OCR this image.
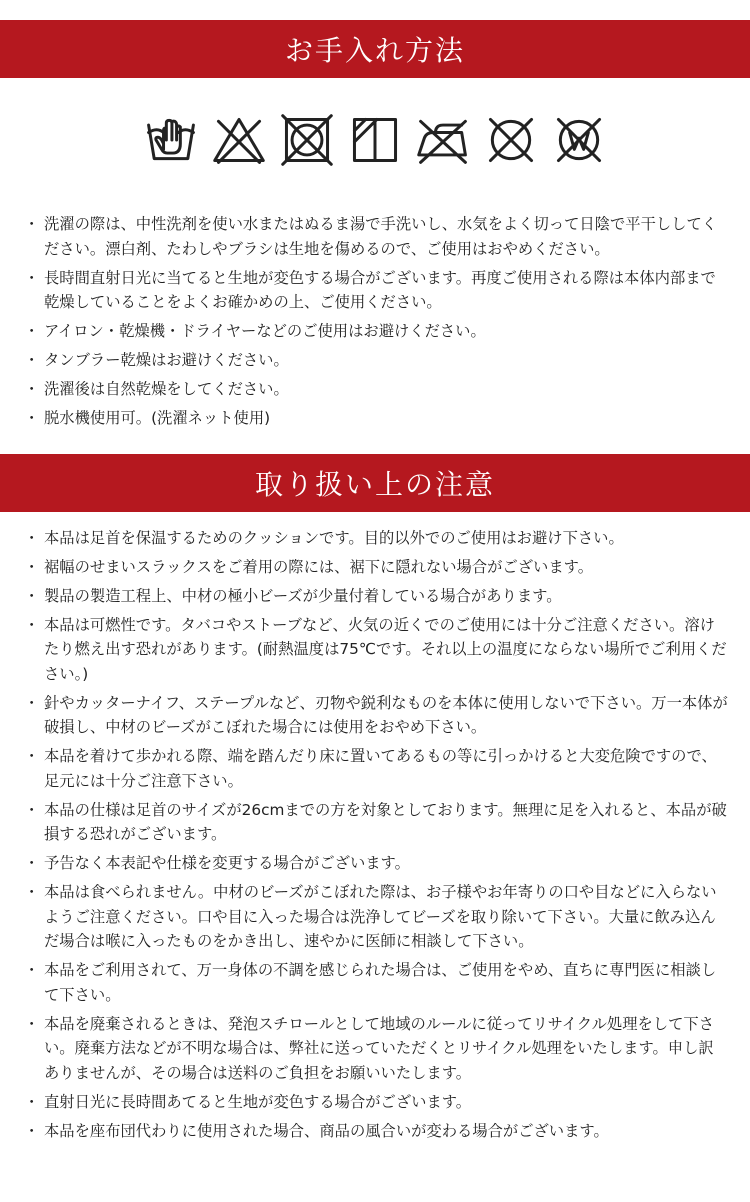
お手入れ方法
・ 洗濯の際は、中性洗剤を使い水またはぬるま湯で手洗いし、水気をよく切って日陰で平干ししてください。漂白剤、たわしやブラシは生地を傷めるので、ご使用はおやめください。
・ 長時間直射日光に当てると生地が変色する場合がございます。再度ご使用される際は本体内部まで乾燥していることをよくお確かめの上、ご使用ください。
・ アイロン・乾燥機・ドライヤーなどのご使用はお避けください。
・ タンブラー乾燥はお避けください。
・ 洗濯後は自然乾燥をしてください。
・ 脱水機使用可。(洗濯ネット使用)
取り扱い上の注意
・ 本品は足首を保温するためのクッションです。目的以外でのご使用はお避け下さい。
・ 裾幅のせまいスラックスをご着用の際には、裾下に隠れない場合がございます。
・ 製品の製造工程上、中材の極小ビーズが少量付着している場合があります。
・ 本品は可燃性です。タバコやストーブなど、火気の近くでのご使用には十分ご注意ください。溶けたり燃え出す恐れがあります。(耐熱温度は75℃です。それ以上の温度にならない場所でご利用ください。)
・ 針やカッターナイフ、ステープルなど、刃物や鋭利なものを本体に使用しないで下さい。万一本体が破損し、中材のビーズがこぼれた場合には使用をおやめ下さい。
・ 本品を着けて歩かれる際、端を踏んだり床に置いてあるもの等に引っかけると大変危険ですので、足元には十分ご注意下さい。
・ 本品の仕様は足首のサイズが26cmまでの方を対象としております。無理に足を入れると、本品が破損する恐れがございます。
・ 予告なく本表記や仕様を変更する場合がございます。
・ 本品は食べられません。中材のビーズがこぼれた際は、お子様やお年寄りの口や目などに入らないようご注意ください。口や目に入った場合は洗浄してビーズを取り除いて下さい。大量に飲み込んだ場合は喉に入ったものをかき出し、速やかに医師に相談して下さい。
・ 本品をご利用されて、万一身体の不調を感じられた場合は、ご使用をやめ、直ちに専門医に相談して下さい。
・ 本品を廃棄されるときは、発泡スチロールとして地域のルールに従ってリサイクル処理をして下さい。廃棄方法などが不明な場合は、弊社に送っていただくとリサイクル処理をいたします。申し訳ありませんが、その場合は送料のご負担をお願いいたします。
・ 直射日光に長時間あてると生地が変色する場合がございます。
・ 本品を座布団代わりに使用された場合、商品の風合いが変わる場合がございます。
